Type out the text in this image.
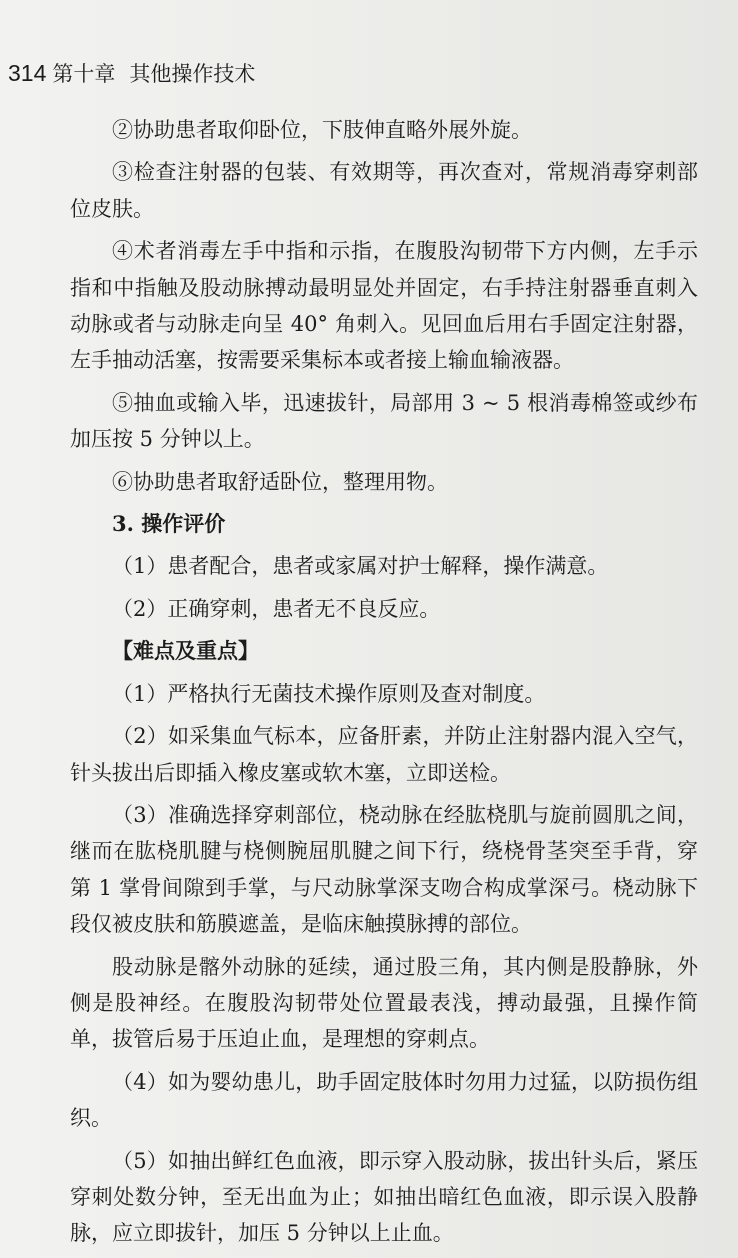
314 第十章 其他操作技术

②协助患者取仰卧位，下肢伸直略外展外旋。

③检查注射器的包装、有效期等，再次查对，常规消毒穿刺部位皮肤。

④术者消毒左手中指和示指，在腹股沟韧带下方内侧，左手示指和中指触及股动脉搏动最明显处并固定，右手持注射器垂直刺入动脉或者与动脉走向呈 40° 角刺入。见回血后用右手固定注射器，左手抽动活塞，按需要采集标本或者接上输血输液器。

⑤抽血或输入毕，迅速拔针，局部用 3 ~ 5 根消毒棉签或纱布加压按 5 分钟以上。

⑥协助患者取舒适卧位，整理用物。

3. 操作评价

（1）患者配合，患者或家属对护士解释，操作满意。

（2）正确穿刺，患者无不良反应。

【难点及重点】

（1）严格执行无菌技术操作原则及查对制度。

（2）如采集血气标本，应备肝素，并防止注射器内混入空气，针头拔出后即插入橡皮塞或软木塞，立即送检。

（3）准确选择穿刺部位，桡动脉在经肱桡肌与旋前圆肌之间，继而在肱桡肌腱与桡侧腕屈肌腱之间下行，绕桡骨茎突至手背，穿第 1 掌骨间隙到手掌，与尺动脉掌深支吻合构成掌深弓。桡动脉下段仅被皮肤和筋膜遮盖，是临床触摸脉搏的部位。

股动脉是髂外动脉的延续，通过股三角，其内侧是股静脉，外侧是股神经。在腹股沟韧带处位置最表浅，搏动最强，且操作简单，拔管后易于压迫止血，是理想的穿刺点。

（4）如为婴幼患儿，助手固定肢体时勿用力过猛，以防损伤组织。

（5）如抽出鲜红色血液，即示穿入股动脉，拔出针头后，紧压穿刺处数分钟，至无出血为止；如抽出暗红色血液，即示误入股静脉，应立即拔针，加压 5 分钟以上止血。
